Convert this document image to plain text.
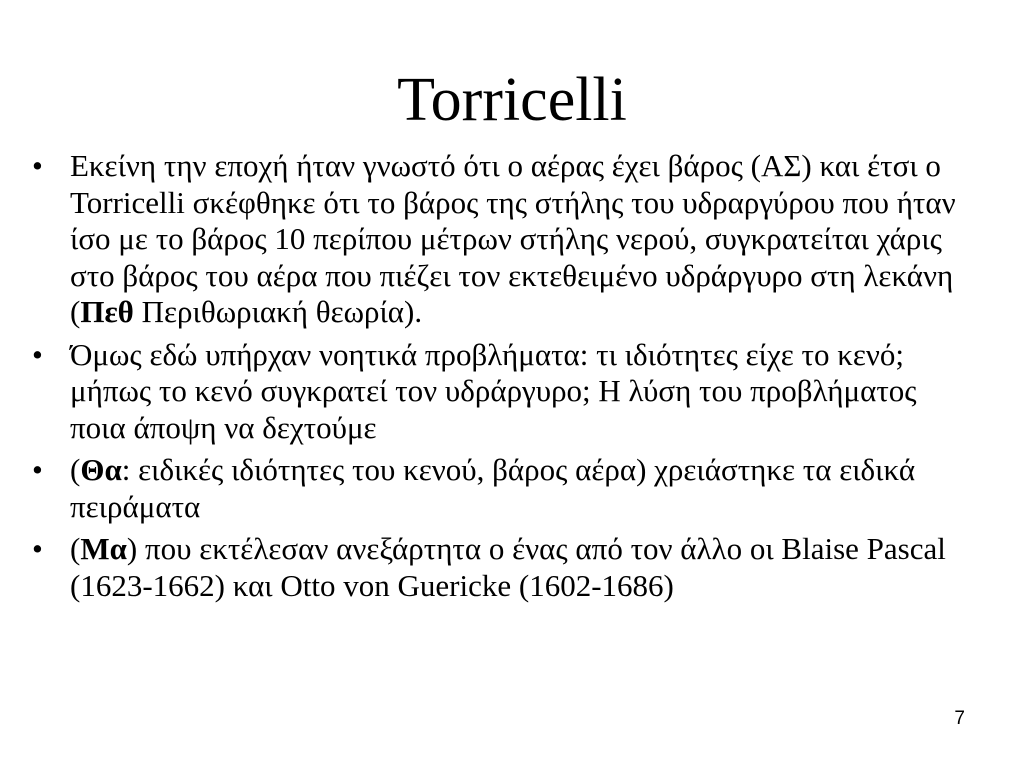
Torricelli
• Εκείνη την εποχή ήταν γνωστό ότι ο αέρας έχει βάρος (ΑΣ) και έτσι ο Torricelli σκέφθηκε ότι το βάρος της στήλης του υδραργύρου που ήταν ίσο με το βάρος 10 περίπου μέτρων στήλης νερού, συγκρατείται χάρις στο βάρος του αέρα που πιέζει τον εκτεθειμένο υδράργυρο στη λεκάνη (Πεθ Περιθωριακή θεωρία).
• Όμως εδώ υπήρχαν νοητικά προβλήματα: τι ιδιότητες είχε το κενό; μήπως το κενό συγκρατεί τον υδράργυρο; Η λύση του προβλήματος ποια άποψη να δεχτούμε
• (Θα: ειδικές ιδιότητες του κενού, βάρος αέρα) χρειάστηκε τα ειδικά πειράματα
• (Μα) που εκτέλεσαν ανεξάρτητα ο ένας από τον άλλο οι Blaise Pascal (1623-1662) και Otto von Guericke (1602-1686)
7
